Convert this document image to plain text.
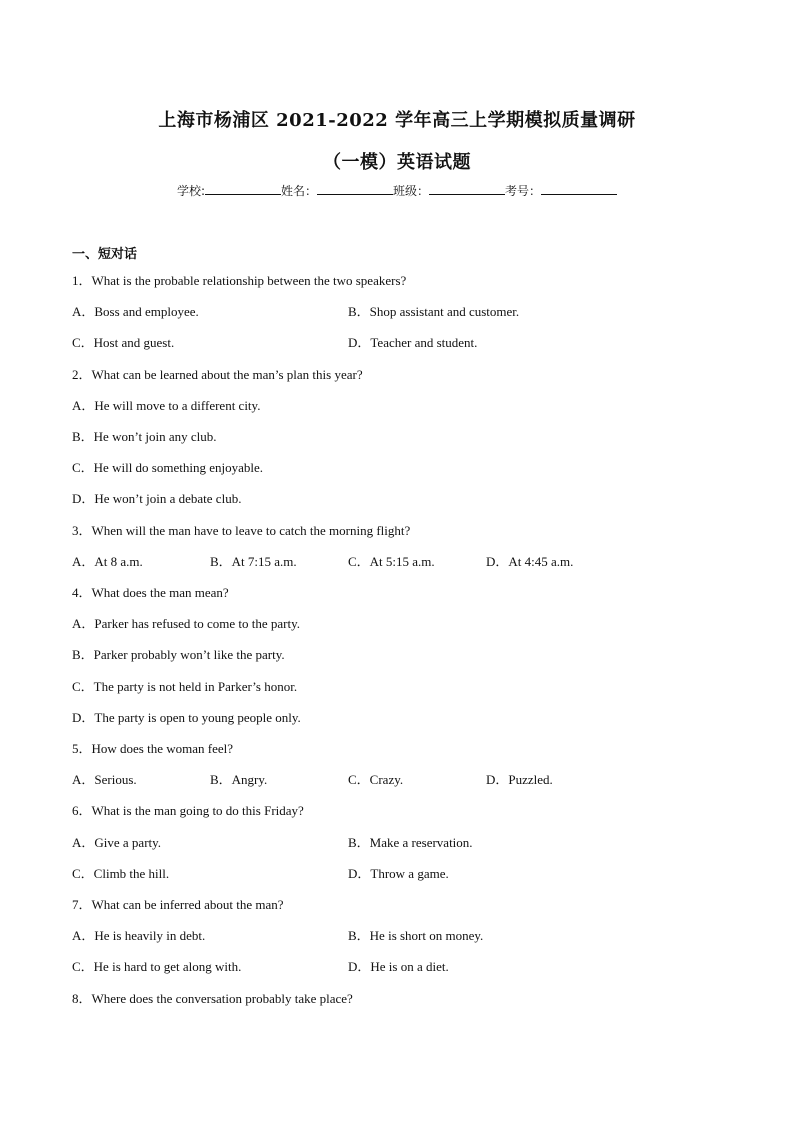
上海市杨浦区 2021-2022 学年高三上学期模拟质量调研
（一模）英语试题
学校:	姓名：	班级：	考号：
一、短对话
1．What is the probable relationship between the two speakers?
A．Boss and employee.	B．Shop assistant and customer.
C．Host and guest.	D．Teacher and student.
2．What can be learned about the man’s plan this year?
A．He will move to a different city.
B．He won’t join any club.
C．He will do something enjoyable.
D．He won’t join a debate club.
3．When will the man have to leave to catch the morning flight?
A．At 8 a.m.	B．At 7:15 a.m.	C．At 5:15 a.m.	D．At 4:45 a.m.
4．What does the man mean?
A．Parker has refused to come to the party.
B．Parker probably won’t like the party.
C．The party is not held in Parker’s honor.
D．The party is open to young people only.
5．How does the woman feel?
A．Serious.	B．Angry.	C．Crazy.	D．Puzzled.
6．What is the man going to do this Friday?
A．Give a party.	B．Make a reservation.
C．Climb the hill.	D．Throw a game.
7．What can be inferred about the man?
A．He is heavily in debt.	B．He is short on money.
C．He is hard to get along with.	D．He is on a diet.
8．Where does the conversation probably take place?
